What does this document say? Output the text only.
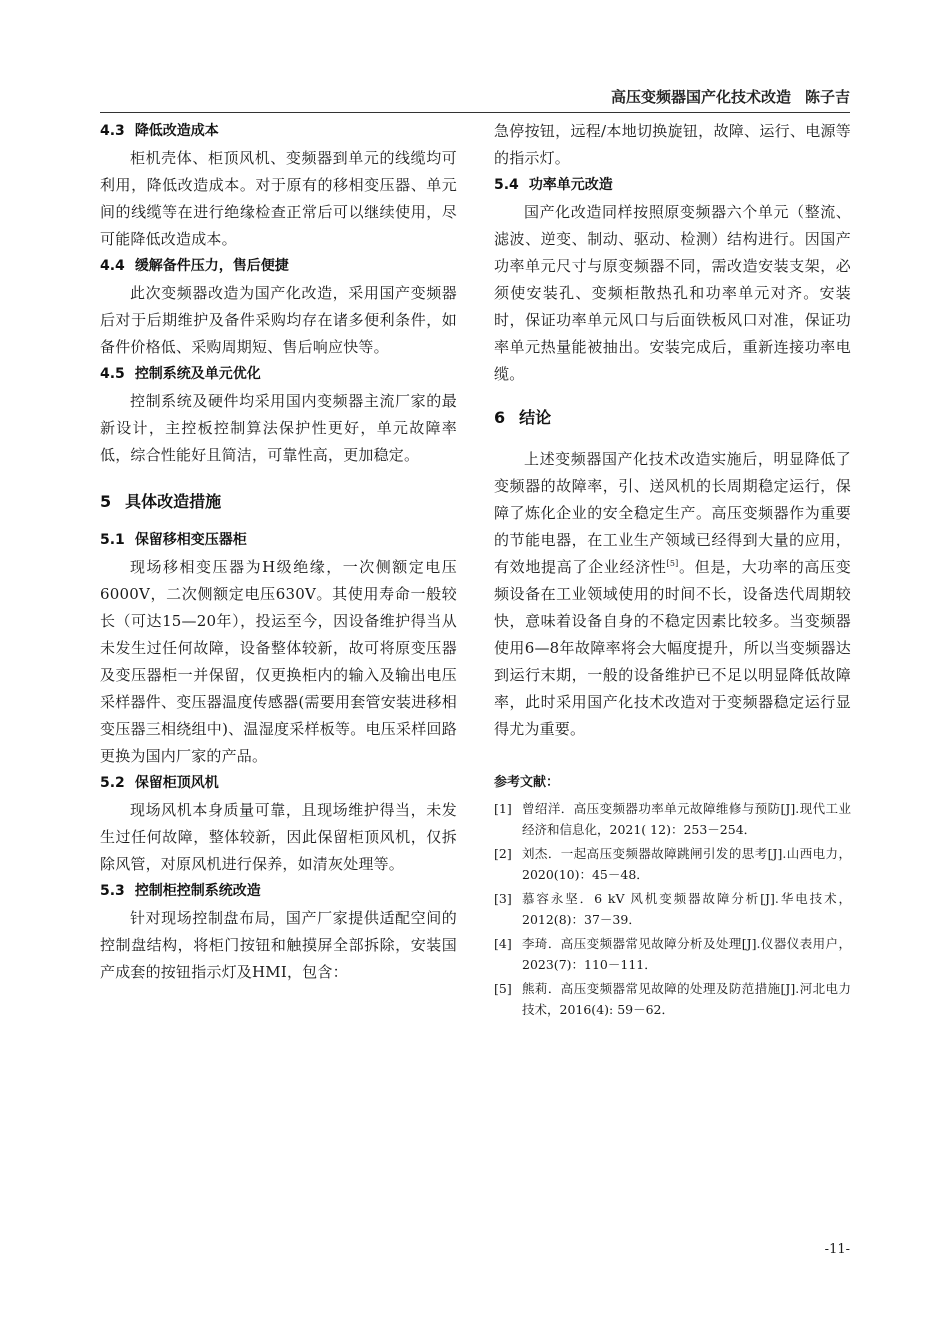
高压变频器国产化技术改造 陈子吉
4.3 降低改造成本

柜机壳体、柜顶风机、变频器到单元的线缆均可利用，降低改造成本。对于原有的移相变压器、单元间的线缆等在进行绝缘检查正常后可以继续使用，尽可能降低改造成本。

4.4 缓解备件压力，售后便捷

此次变频器改造为国产化改造，采用国产变频器后对于后期维护及备件采购均存在诸多便利条件，如备件价格低、采购周期短、售后响应快等。

4.5 控制系统及单元优化

控制系统及硬件均采用国内变频器主流厂家的最新设计，主控板控制算法保护性更好，单元故障率低，综合性能好且简洁，可靠性高，更加稳定。

5 具体改造措施
5.1 保留移相变压器柜

现场移相变压器为H级绝缘，一次侧额定电压6000V，二次侧额定电压630V。其使用寿命一般较长（可达15—20年），投运至今，因设备维护得当从未发生过任何故障，设备整体较新，故可将原变压器及变压器柜一并保留，仅更换柜内的输入及输出电压采样器件、变压器温度传感器(需要用套管安装进移相变压器三相绕组中)、温湿度采样板等。电压采样回路更换为国内厂家的产品。

5.2 保留柜顶风机

现场风机本身质量可靠，且现场维护得当，未发生过任何故障，整体较新，因此保留柜顶风机，仅拆除风管，对原风机进行保养，如清灰处理等。

5.3 控制柜控制系统改造

针对现场控制盘布局，国产厂家提供适配空间的控制盘结构，将柜门按钮和触摸屏全部拆除，安装国产成套的按钮指示灯及HMI，包含：

急停按钮，远程/本地切换旋钮，故障、运行、电源等的指示灯。

5.4 功率单元改造

国产化改造同样按照原变频器六个单元（整流、滤波、逆变、制动、驱动、检测）结构进行。因国产功率单元尺寸与原变频器不同，需改造安装支架，必须使安装孔、变频柜散热孔和功率单元对齐。安装时，保证功率单元风口与后面铁板风口对准，保证功率单元热量能被抽出。安装完成后，重新连接功率电缆。

6 结论

上述变频器国产化技术改造实施后，明显降低了变频器的故障率，引、送风机的长周期稳定运行，保障了炼化企业的安全稳定生产。高压变频器作为重要的节能电器，在工业生产领域已经得到大量的应用，有效地提高了企业经济性[5]。但是，大功率的高压变频设备在工业领域使用的时间不长，设备迭代周期较快，意味着设备自身的不稳定因素比较多。当变频器使用6—8年故障率将会大幅度提升，所以当变频器达到运行末期，一般的设备维护已不足以明显降低故障率，此时采用国产化技术改造对于变频器稳定运行显得尤为重要。

参考文献：
[1] 曾绍洋．高压变频器功率单元故障维修与预防[J].现代工业经济和信息化，2021( 12)：253－254．
[2] 刘杰．一起高压变频器故障跳闸引发的思考[J].山西电力，2020(10)：45－48．
[3] 慕容永坚．6 kV 风机变频器故障分析[J].华电技术，2012(8)：37－39．
[4] 李琦．高压变频器常见故障分析及处理[J].仪器仪表用户，2023(7)：110－111．
[5] 熊莉．高压变频器常见故障的处理及防范措施[J].河北电力技术，2016(4): 59－62．
-11-
